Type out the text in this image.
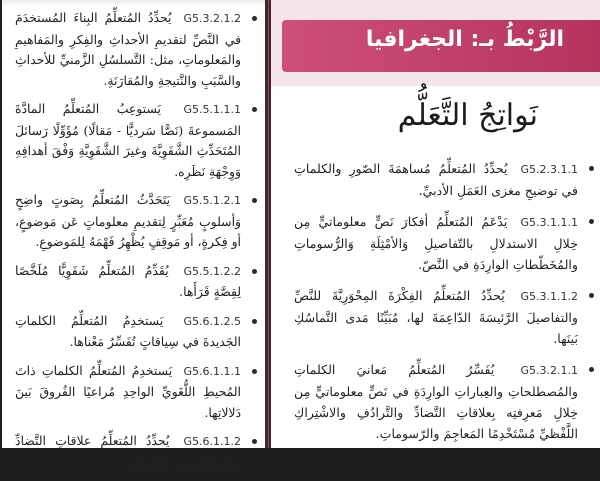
G5.3.2.1.2 يُحدِّدُ المُتعلِّمُ البِناءَ المُستخدَمَ في النَّصِّ لتقديمِ الأحداثِ والفِكرِ والمَفاهيمِ والمَعلوماتِ، مثل: التَّسلسُلِ الزَّمنيِّ للأحداثِ والسَّبَبِ والنَّتيجةِ والمُقارَنَةِ.
G5.5.1.1.1 يَستوعِبُ المُتعلِّمُ المادَّةَ المَسموعةَ (نَصًّا سَرديًّا - مَقالًا) مُؤَوِّلًا رَسائلَ المُتَحَدِّثِ الشَّفَوِيَّةَ وغيرَ الشَّفَوِيَّةِ وَفْقَ أهدافِهِ وَوِجْهَةِ نَظَرِه.
G5.5.1.2.1 يَتَحَدَّثُ المُتعلِّمُ بِصَوتٍ واضِحٍ وَأسلوبٍ مُعَبِّرٍ لِتقديمِ معلوماتٍ عَن مَوضوعٍ، أو فِكرةٍ، أو مَوقِفٍ يُظْهِرُ فَهْمَهُ لِلمَوضوعِ.
G5.5.1.2.2 يُقَدِّمُ المُتعلِّمُ شَفَوِيًّا مُلَخَّصًا لِقِصَّةٍ قَرَأَها.
G5.6.1.2.5 يَستخدِمُ المُتعلِّمُ الكلماتِ الجَديدةَ في سِياقاتٍ تُفَسِّرُ مَعْناها.
G5.6.1.1.1 يَستخدِمُ المُتعلِّمُ الكلماتِ ذاتَ المُحيطِ اللُّغَويِّ الواحِدِ مُراعيًا الفُروقَ بَينَ دَلالاتِها.
G5.6.1.1.2 يُحدِّدُ المُتعلِّمُ علاقاتِ التَّضادِّ والتَّرادُفِ بَينَ الكلماتِ.
الرَّبْطُ بـ: الجغرافيا
نَواتِجُ التَّعَلُّم
G5.2.3.1.1 يُحدِّدُ المُتعلِّمُ مُساهمَةَ الصّورِ والكلماتِ في توضيحِ مغزى العَمَلِ الأدبيِّ.
G5.3.1.1.1 يَدْعَمُ المُتعلِّمُ أفكارَ نَصٍّ معلوماتيٍّ مِن خِلالِ الاستدلالِ بالتّفاصيلِ وَالأمْثِلَةِ وَالرُّسوماتِ والمُخَطّطاتِ الوارِدَةِ في النَّصّ.
G5.3.1.1.2 يُحدِّدُ المُتعلِّمُ الفِكْرَةَ المِحْوَرِيَّةَ للنَّصِّ والتفاصيلَ الرَّئيسَةَ الدّاعِمَةَ لها، مُبَيِّنًا مَدى التَّماسُكِ بَينَها.
G5.3.2.1.1 يُفَسِّرُ المُتعلِّمُ مَعانيَ الكلماتِ والمُصطلحاتِ والعِباراتِ الوارِدَةِ في نَصٍّ معلوماتيٍّ مِن خِلالِ مَعرِفتِه بِعلاقاتِ التَّضادِّ والتَّرادُفِ والاشْتِراكِ اللَّفْظيِّ مُسْتَخْدِمًا المَعاجِمَ والرّسوماتِ.
